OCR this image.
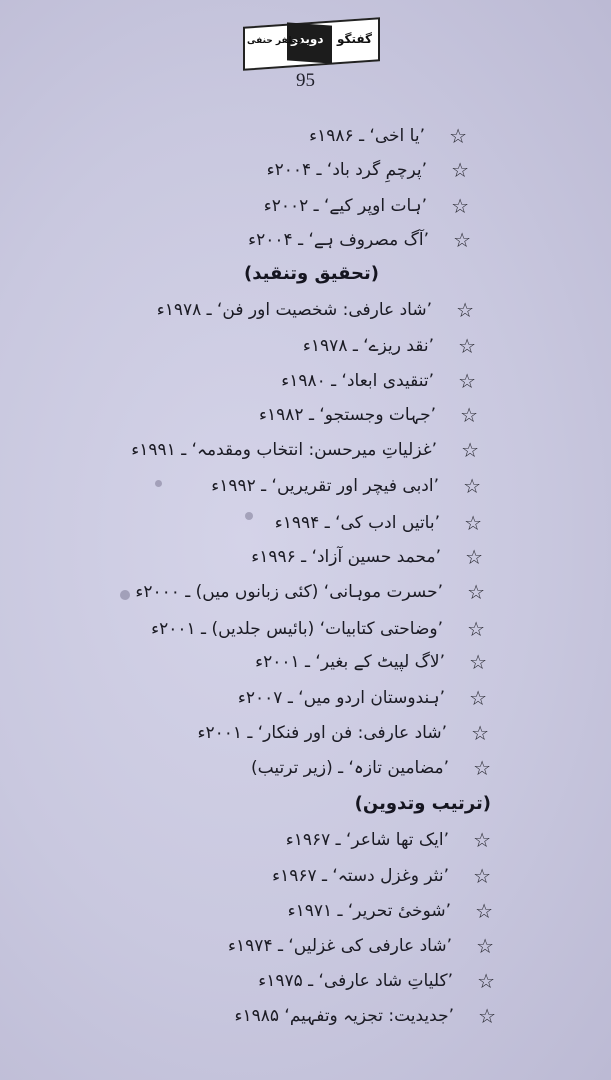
گفتگو
دوبدو
مظفر حنفی
95
☆
’یا اخی‘ ـ ۱۹۸۶ء
☆
’پرچمِ گرد باد‘ ـ ۲۰۰۴ء
☆
’ہات اوپر کیے‘ ـ ۲۰۰۲ء
☆
’آگ مصروف ہے‘ ـ ۲۰۰۴ء
(تحقیق وتنقید)
☆
’شاد عارفی: شخصیت اور فن‘ ـ ۱۹۷۸ء
☆
’نقد ریزے‘ ـ ۱۹۷۸ء
☆
’تنقیدی ابعاد‘ ـ ۱۹۸۰ء
☆
’جہات وجستجو‘ ـ ۱۹۸۲ء
☆
’غزلیاتِ میرحسن: انتخاب ومقدمہ‘ ـ ۱۹۹۱ء
☆
’ادبی فیچر اور تقریریں‘ ـ ۱۹۹۲ء
☆
’باتیں ادب کی‘ ـ ۱۹۹۴ء
☆
’محمد حسین آزاد‘ ـ ۱۹۹۶ء
☆
’حسرت موہانی‘ (کئی زبانوں میں) ـ ۲۰۰۰ء
☆
’وضاحتی کتابیات‘ (بائیس جلدیں) ـ ۲۰۰۱ء
☆
’لاگ لپیٹ کے بغیر‘ ـ ۲۰۰۱ء
☆
’ہندوستان اردو میں‘ ـ ۲۰۰۷ء
☆
’شاد عارفی: فن اور فنکار‘ ـ ۲۰۰۱ء
☆
’مضامین تازہ‘ ـ (زیر ترتیب)
(ترتیب وتدوین)
☆
’ایک تھا شاعر‘ ـ ۱۹۶۷ء
☆
’نثر وغزل دستہ‘ ـ ۱۹۶۷ء
☆
’شوخیٔ تحریر‘ ـ ۱۹۷۱ء
☆
’شاد عارفی کی غزلیں‘ ـ ۱۹۷۴ء
☆
’کلیاتِ شاد عارفی‘ ـ ۱۹۷۵ء
☆
’جدیدیت: تجزیہ وتفہیم‘ ۱۹۸۵ء
